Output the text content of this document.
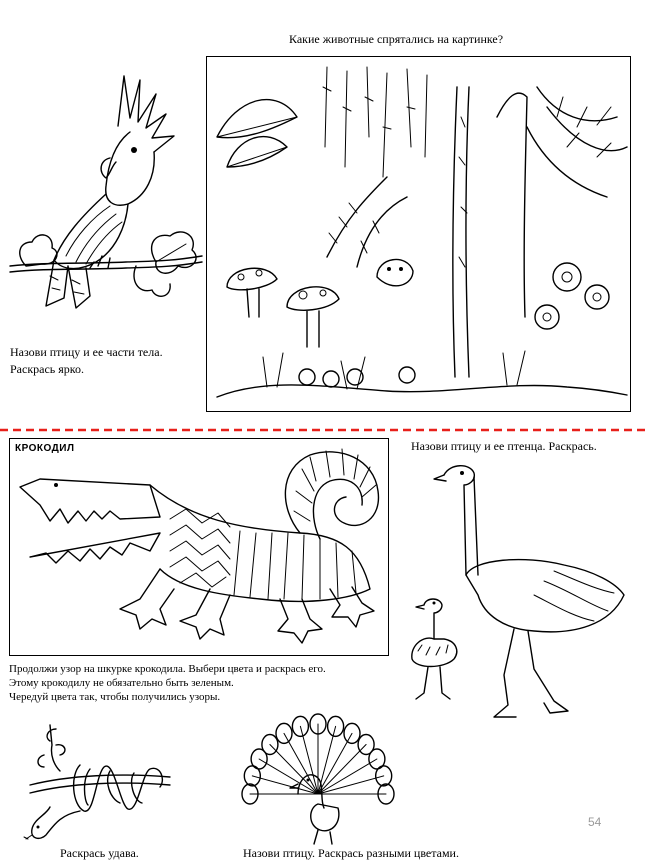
Какие животные спрятались на картинке?
Назови птицу и ее части тела.
Раскрась ярко.
КРОКОДИЛ
Продолжи узор на шкурке крокодила. Выбери цвета и раскрась его.
Этому крокодилу не обязательно быть зеленым.
Чередуй цвета так, чтобы получились узоры.
Назови птицу и ее птенца. Раскрась.
Раскрась удава.	Назови птицу. Раскрась разными цветами.
54
